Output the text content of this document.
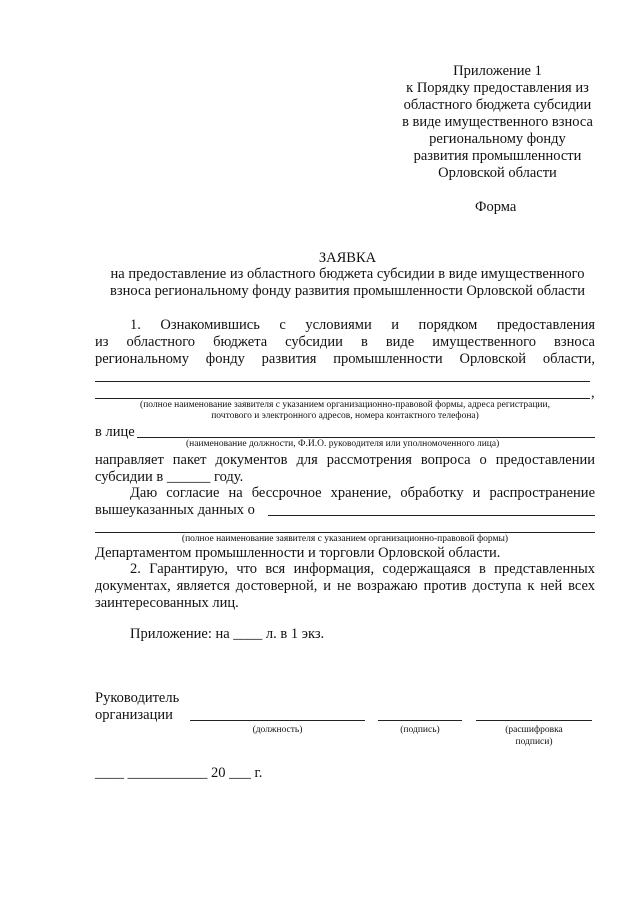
Приложение 1
к Порядку предоставления из
областного бюджета субсидии
в виде имущественного взноса
региональному фонду
развития промышленности
Орловской области
Форма
ЗАЯВКА
на предоставление из областного бюджета субсидии в виде имущественного
взноса региональному фонду развития промышленности Орловской области
1. Ознакомившись с условиями и порядком предоставления
из областного бюджета субсидии в виде имущественного взноса
региональному фонду развития промышленности Орловской области,
,
(полное наименование заявителя с указанием организационно-правовой формы, адреса регистрации,
почтового и электронного адресов, номера контактного телефона)
в лице
(наименование должности, Ф.И.О. руководителя или уполномоченного лица)
направляет пакет документов для рассмотрения вопроса о предоставлении
субсидии в ______ году.
Даю согласие на бессрочное хранение, обработку и распространение
вышеуказанных данных о
(полное наименование заявителя с указанием организационно-правовой формы)
Департаментом промышленности и торговли Орловской области.
2. Гарантирую, что вся информация, содержащаяся в представленных
документах, является достоверной, и не возражаю против доступа к ней всех
заинтересованных лиц.
Приложение: на ____ л. в 1 экз.
Руководитель
организации
(должность)	(подпись)	(расшифровка
подписи)
____ ___________ 20 ___ г.
